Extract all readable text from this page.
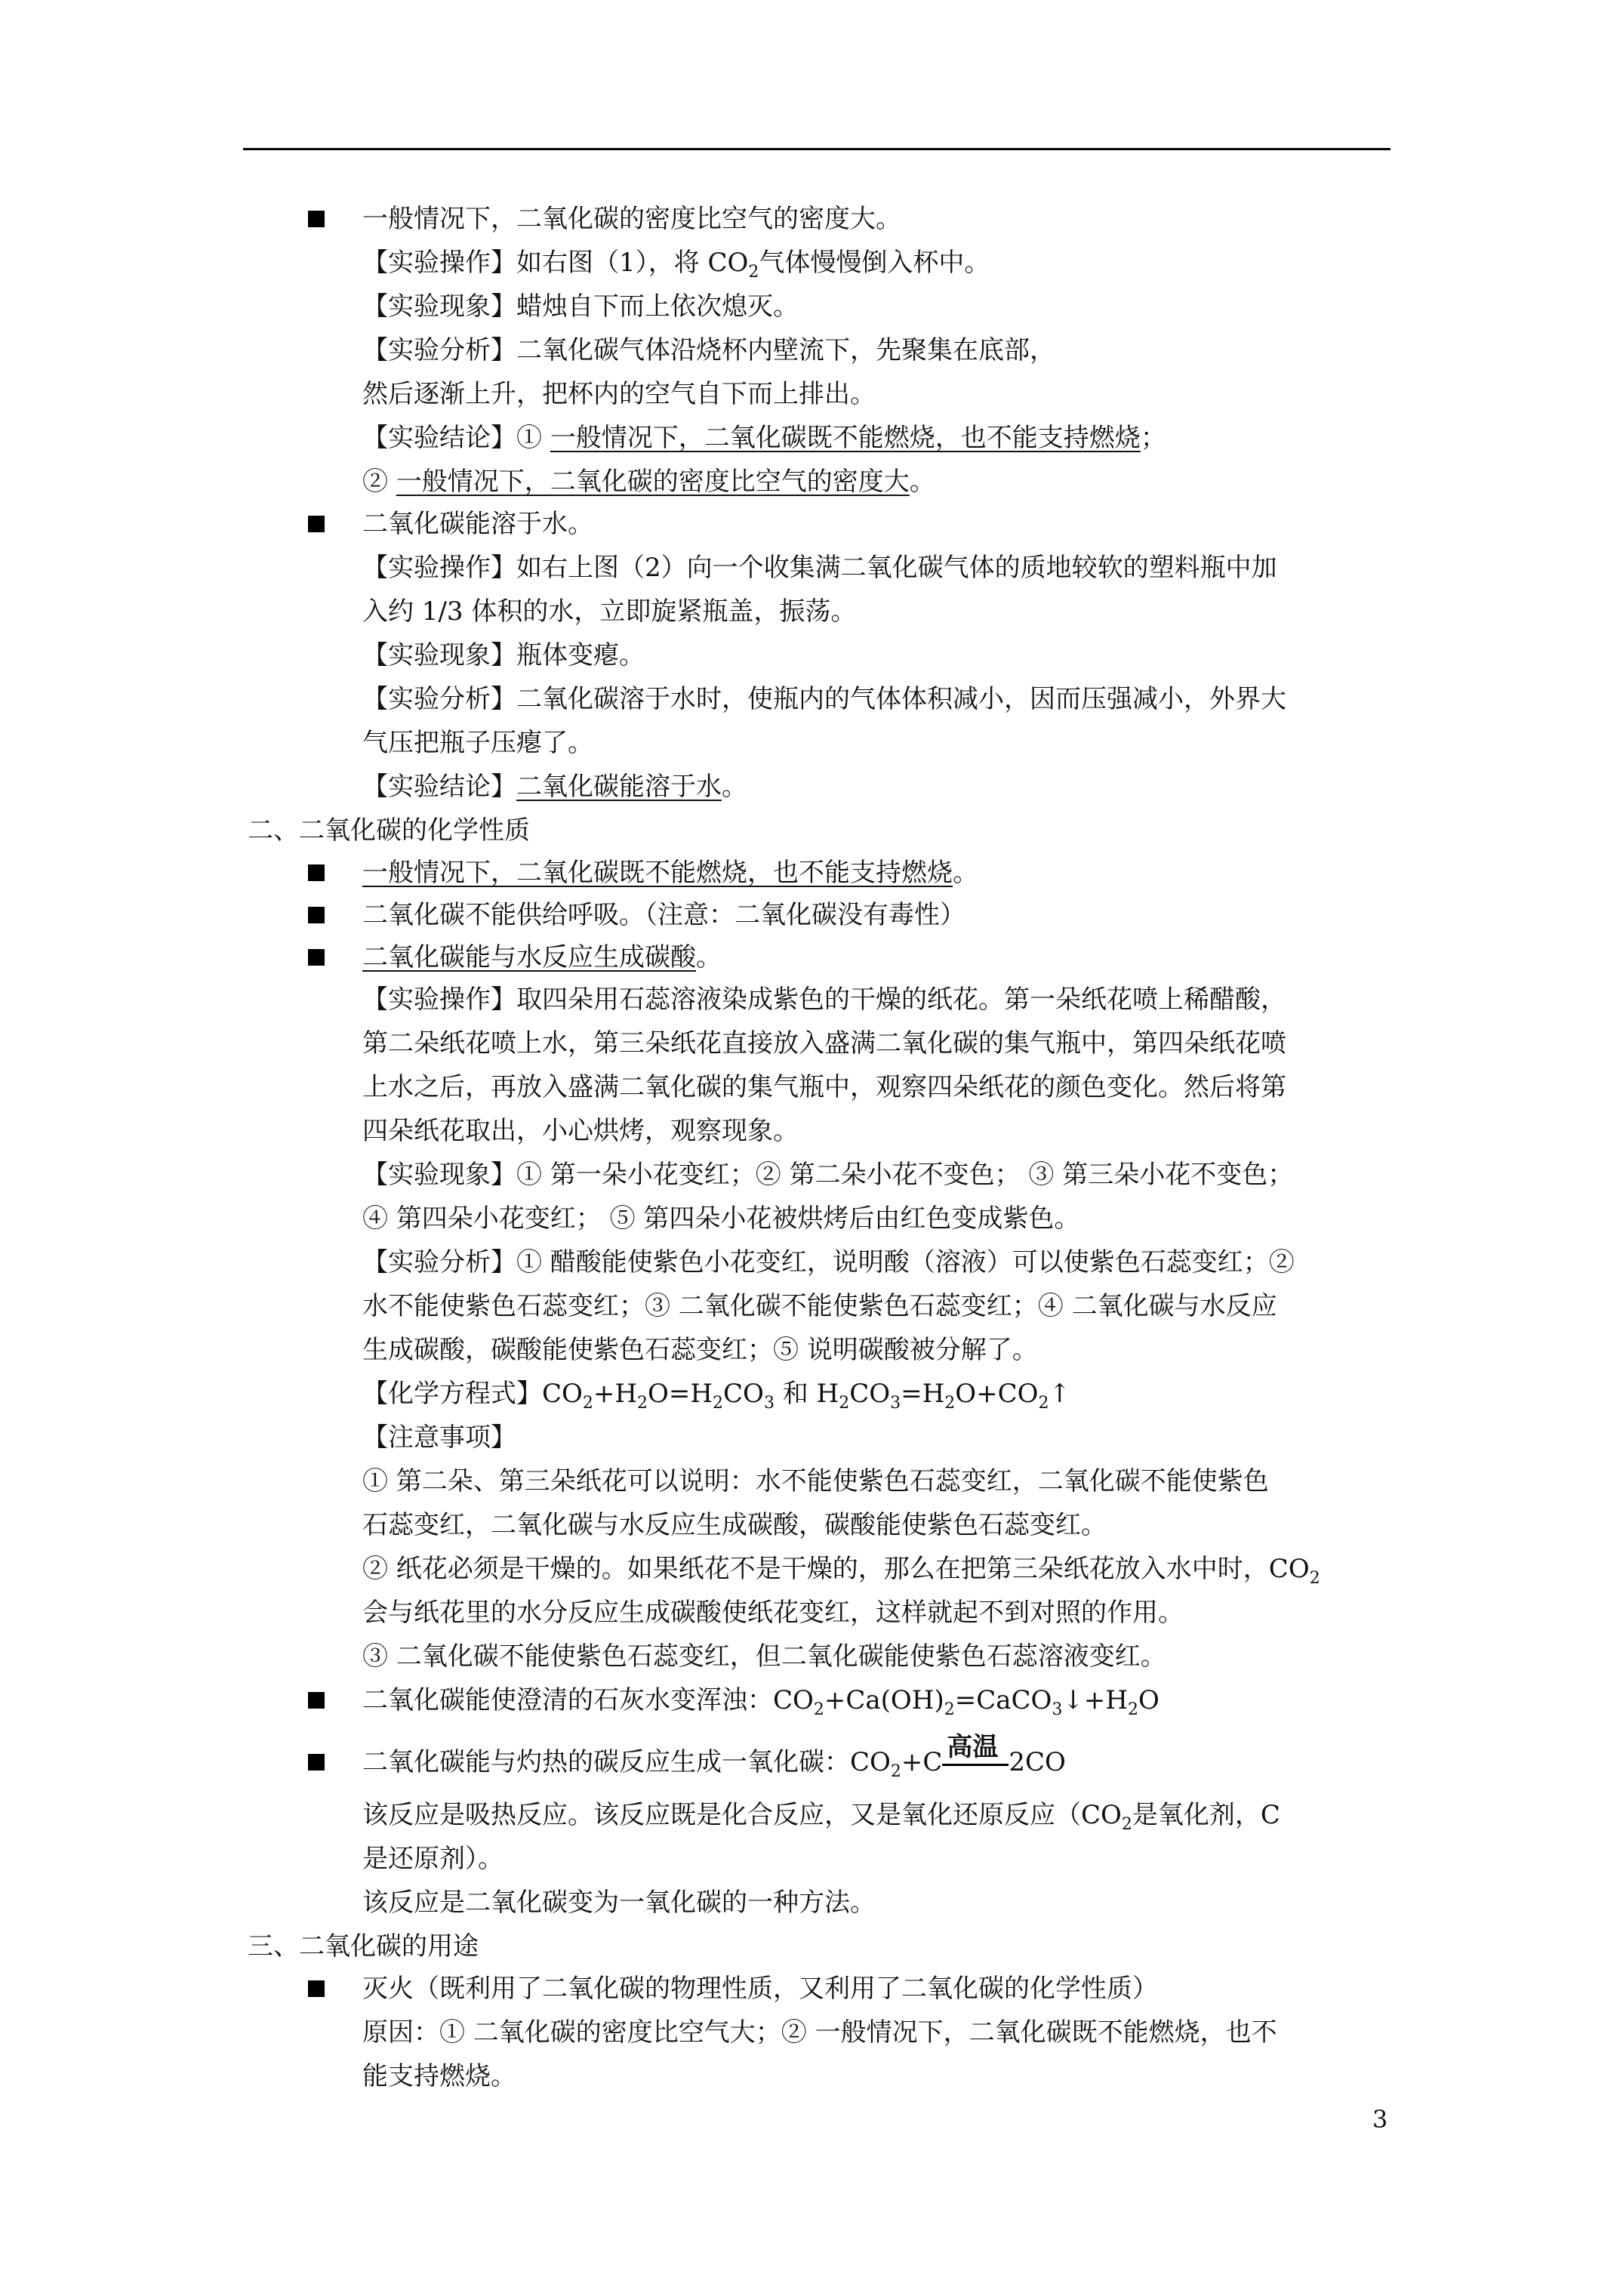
一般情况下，二氧化碳的密度比空气的密度大。
【实验操作】如右图（1），将 $CO_2$气体慢慢倒入杯中。
【实验现象】蜡烛自下而上依次熄灭。
【实验分析】二氧化碳气体沿烧杯内壁流下，先聚集在底部，
然后逐渐上升，把杯内的空气自下而上排出。
【实验结论】① 一般情况下，二氧化碳既不能燃烧，也不能支持燃烧；
② 一般情况下，二氧化碳的密度比空气的密度大。
二氧化碳能溶于水。
【实验操作】如右上图（2）向一个收集满二氧化碳气体的质地较软的塑料瓶中加
入约 1/3 体积的水，立即旋紧瓶盖，振荡。
【实验现象】瓶体变瘪。
【实验分析】二氧化碳溶于水时，使瓶内的气体体积减小，因而压强减小，外界大
气压把瓶子压瘪了。
【实验结论】二氧化碳能溶于水。
二、二氧化碳的化学性质
一般情况下，二氧化碳既不能燃烧，也不能支持燃烧。
二氧化碳不能供给呼吸。（注意：二氧化碳没有毒性）
二氧化碳能与水反应生成碳酸。
【实验操作】取四朵用石蕊溶液染成紫色的干燥的纸花。第一朵纸花喷上稀醋酸，
第二朵纸花喷上水，第三朵纸花直接放入盛满二氧化碳的集气瓶中，第四朵纸花喷
上水之后，再放入盛满二氧化碳的集气瓶中，观察四朵纸花的颜色变化。然后将第
四朵纸花取出，小心烘烤，观察现象。
【实验现象】① 第一朵小花变红；② 第二朵小花不变色； ③ 第三朵小花不变色；
④ 第四朵小花变红； ⑤ 第四朵小花被烘烤后由红色变成紫色。
【实验分析】① 醋酸能使紫色小花变红，说明酸（溶液）可以使紫色石蕊变红；②
水不能使紫色石蕊变红；③ 二氧化碳不能使紫色石蕊变红；④ 二氧化碳与水反应
生成碳酸，碳酸能使紫色石蕊变红；⑤ 说明碳酸被分解了。
【化学方程式】$CO_2+H_2O=H_2CO_3$ 和 $H_2CO_3=H_2O+CO_2↑$
【注意事项】
① 第二朵、第三朵纸花可以说明：水不能使紫色石蕊变红，二氧化碳不能使紫色
石蕊变红，二氧化碳与水反应生成碳酸，碳酸能使紫色石蕊变红。
② 纸花必须是干燥的。如果纸花不是干燥的，那么在把第三朵纸花放入水中时，$CO_2$
会与纸花里的水分反应生成碳酸使纸花变红，这样就起不到对照的作用。
③ 二氧化碳不能使紫色石蕊变红，但二氧化碳能使紫色石蕊溶液变红。
二氧化碳能使澄清的石灰水变浑浊：$CO_2+Ca(OH)_2=CaCO_3↓+H_2O$
二氧化碳能与灼热的碳反应生成一氧化碳：$CO_2+C$ 高温 2CO
该反应是吸热反应。该反应既是化合反应，又是氧化还原反应（$CO_2$是氧化剂，C
是还原剂）。
该反应是二氧化碳变为一氧化碳的一种方法。
三、二氧化碳的用途
灭火（既利用了二氧化碳的物理性质，又利用了二氧化碳的化学性质）
原因：① 二氧化碳的密度比空气大；② 一般情况下，二氧化碳既不能燃烧，也不
能支持燃烧。
3
